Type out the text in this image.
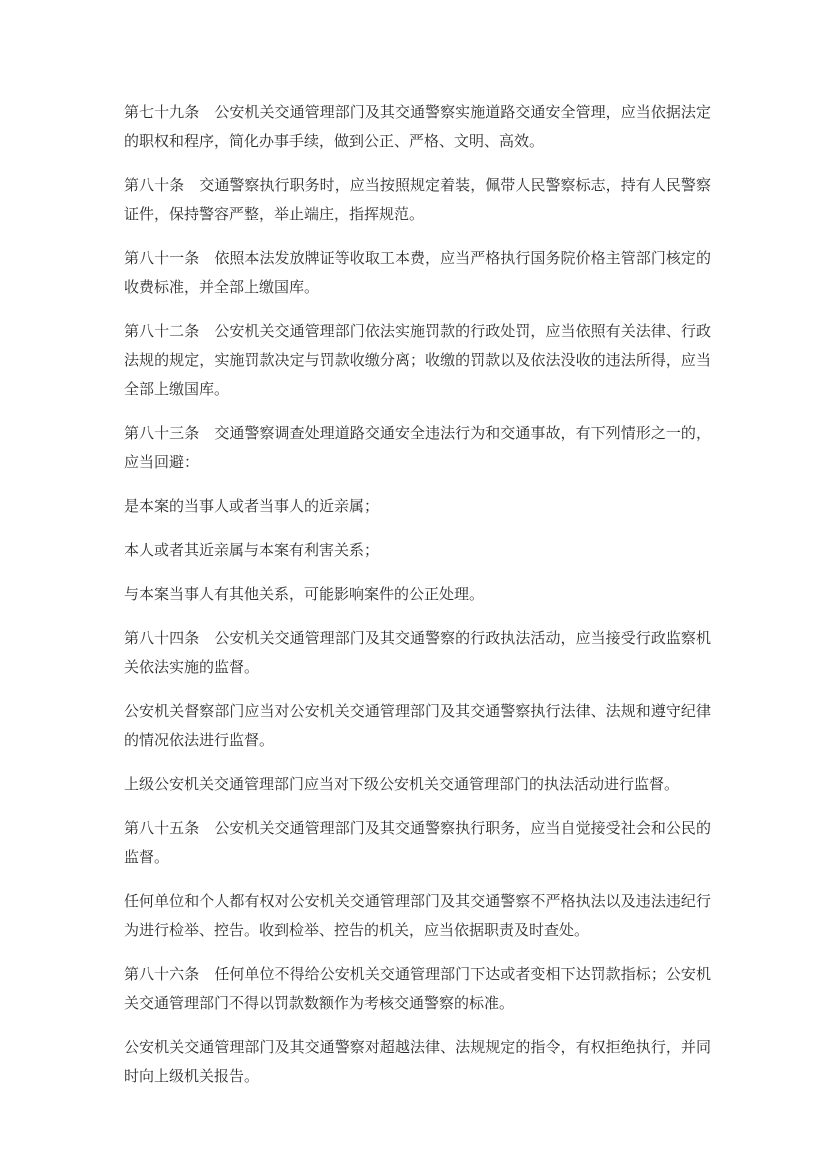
第七十九条　公安机关交通管理部门及其交通警察实施道路交通安全管理，应当依据法定的职权和程序，简化办事手续，做到公正、严格、文明、高效。

第八十条　交通警察执行职务时，应当按照规定着装，佩带人民警察标志，持有人民警察证件，保持警容严整，举止端庄，指挥规范。

第八十一条　依照本法发放牌证等收取工本费，应当严格执行国务院价格主管部门核定的收费标准，并全部上缴国库。

第八十二条　公安机关交通管理部门依法实施罚款的行政处罚，应当依照有关法律、行政法规的规定，实施罚款决定与罚款收缴分离；收缴的罚款以及依法没收的违法所得，应当全部上缴国库。

第八十三条　交通警察调查处理道路交通安全违法行为和交通事故，有下列情形之一的，应当回避：

是本案的当事人或者当事人的近亲属；

本人或者其近亲属与本案有利害关系；

与本案当事人有其他关系，可能影响案件的公正处理。

第八十四条　公安机关交通管理部门及其交通警察的行政执法活动，应当接受行政监察机关依法实施的监督。

公安机关督察部门应当对公安机关交通管理部门及其交通警察执行法律、法规和遵守纪律的情况依法进行监督。

上级公安机关交通管理部门应当对下级公安机关交通管理部门的执法活动进行监督。

第八十五条　公安机关交通管理部门及其交通警察执行职务，应当自觉接受社会和公民的监督。

任何单位和个人都有权对公安机关交通管理部门及其交通警察不严格执法以及违法违纪行为进行检举、控告。收到检举、控告的机关，应当依据职责及时查处。

第八十六条　任何单位不得给公安机关交通管理部门下达或者变相下达罚款指标；公安机关交通管理部门不得以罚款数额作为考核交通警察的标准。

公安机关交通管理部门及其交通警察对超越法律、法规规定的指令，有权拒绝执行，并同时向上级机关报告。
